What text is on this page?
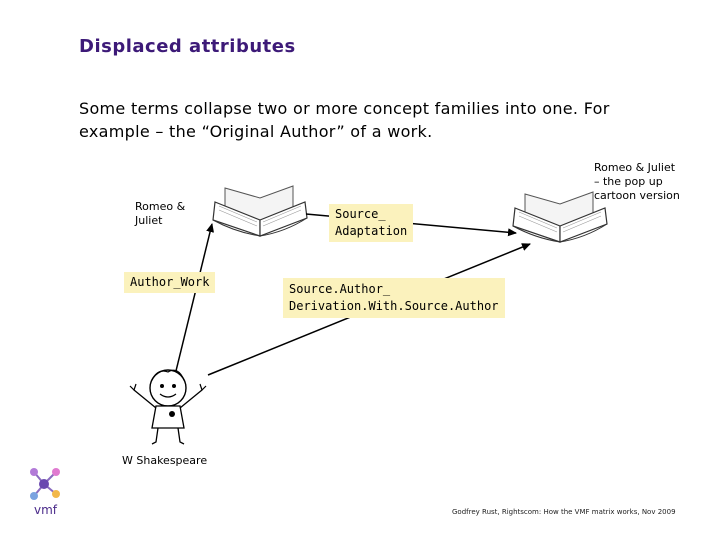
Displaced attributes
Some terms collapse two or more concept families into one. For example – the “Original Author” of a work.
Romeo & Juliet
Romeo & Juliet – the pop up cartoon version
Source_
Adaptation
Author_Work	Source.Author_
Derivation.With.Source.Author
W Shakespeare
vmf	Godfrey Rust, Rightscom: How the VMF matrix works, Nov 2009
